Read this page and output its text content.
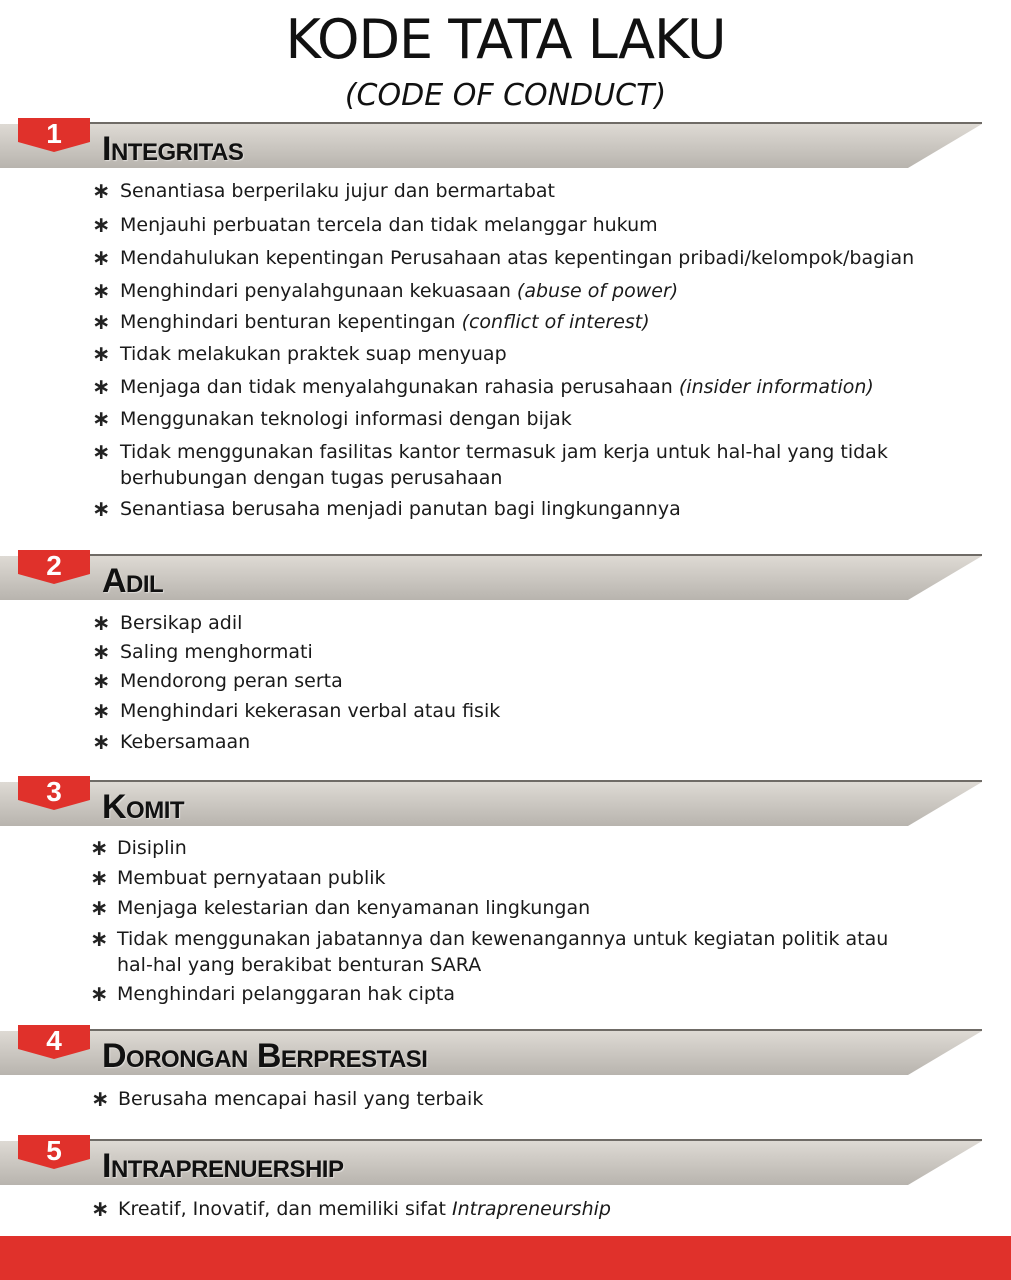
KODE TATA LAKU
(CODE OF CONDUCT)
1	Integritas
∗ Senantiasa berperilaku jujur dan bermartabat
∗ Menjauhi perbuatan tercela dan tidak melanggar hukum
∗ Mendahulukan kepentingan Perusahaan atas kepentingan pribadi/kelompok/bagian
∗ Menghindari penyalahgunaan kekuasaan (abuse of power)
∗ Menghindari benturan kepentingan (conflict of interest)
∗ Tidak melakukan praktek suap menyuap
∗ Menjaga dan tidak menyalahgunakan rahasia perusahaan (insider information)
∗ Menggunakan teknologi informasi dengan bijak
∗ Tidak menggunakan fasilitas kantor termasuk jam kerja untuk hal-hal yang tidak
berhubungan dengan tugas perusahaan
∗ Senantiasa berusaha menjadi panutan bagi lingkungannya
2	Adil
∗ Bersikap adil
∗ Saling menghormati
∗ Mendorong peran serta
∗ Menghindari kekerasan verbal atau fisik
∗ Kebersamaan
3	Komit
∗ Disiplin
∗ Membuat pernyataan publik
∗ Menjaga kelestarian dan kenyamanan lingkungan
∗ Tidak menggunakan jabatannya dan kewenangannya untuk kegiatan politik atau
hal-hal yang berakibat benturan SARA
∗ Menghindari pelanggaran hak cipta
4	Dorongan Berprestasi
∗ Berusaha mencapai hasil yang terbaik
5	Intraprenuership
∗ Kreatif, Inovatif, dan memiliki sifat Intrapreneurship
